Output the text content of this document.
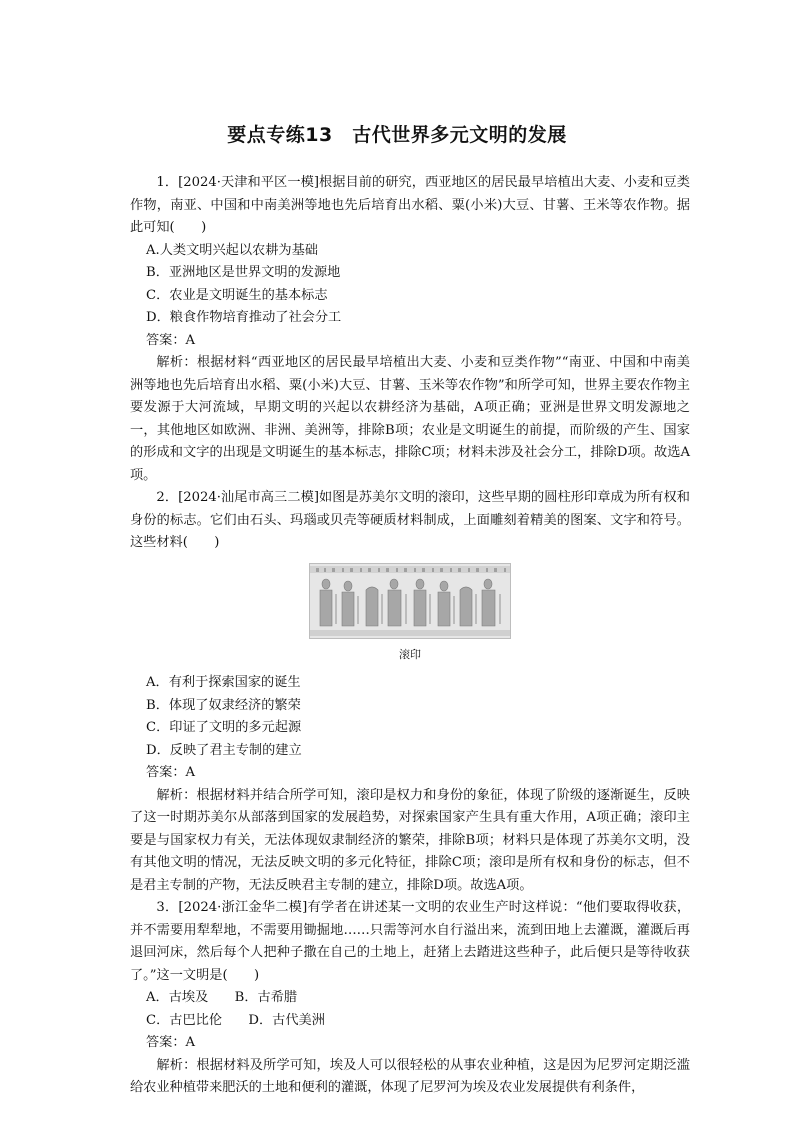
要点专练13　古代世界多元文明的发展

1．[2024·天津和平区一模]根据目前的研究，西亚地区的居民最早培植出大麦、小麦和豆类作物，南亚、中国和中南美洲等地也先后培育出水稻、粟(小米)大豆、甘薯、王米等农作物。据此可知(　　)

A.人类文明兴起以农耕为基础

B．亚洲地区是世界文明的发源地

C．农业是文明诞生的基本标志

D．粮食作物培育推动了社会分工

答案：A

解析：根据材料“西亚地区的居民最早培植出大麦、小麦和豆类作物”“南亚、中国和中南美洲等地也先后培育出水稻、粟(小米)大豆、甘薯、玉米等农作物”和所学可知，世界主要农作物主要发源于大河流域，早期文明的兴起以农耕经济为基础，A项正确；亚洲是世界文明发源地之一，其他地区如欧洲、非洲、美洲等，排除B项；农业是文明诞生的前提，而阶级的产生、国家的形成和文字的出现是文明诞生的基本标志，排除C项；材料未涉及社会分工，排除D项。故选A项。

2．[2024·汕尾市高三二模]如图是苏美尔文明的滚印，这些早期的圆柱形印章成为所有权和身份的标志。它们由石头、玛瑙或贝壳等硬质材料制成，上面雕刻着精美的图案、文字和符号。这些材料(　　)

滚印

A．有利于探索国家的诞生

B．体现了奴隶经济的繁荣

C．印证了文明的多元起源

D．反映了君主专制的建立

答案：A

解析：根据材料并结合所学可知，滚印是权力和身份的象征，体现了阶级的逐渐诞生，反映了这一时期苏美尔从部落到国家的发展趋势，对探索国家产生具有重大作用，A项正确；滚印主要是与国家权力有关，无法体现奴隶制经济的繁荣，排除B项；材料只是体现了苏美尔文明，没有其他文明的情况，无法反映文明的多元化特征，排除C项；滚印是所有权和身份的标志，但不是君主专制的产物，无法反映君主专制的建立，排除D项。故选A项。

3．[2024·浙江金华二模]有学者在讲述某一文明的农业生产时这样说：“他们要取得收获，并不需要用犁犁地，不需要用锄掘地……只需等河水自行溢出来，流到田地上去灌溉，灌溉后再退回河床，然后每个人把种子撒在自己的土地上，赶猪上去踏进这些种子，此后便只是等待收获了。”这一文明是(　　)

A．古埃及　　B．古希腊

C．古巴比伦　　D．古代美洲

答案：A

解析：根据材料及所学可知，埃及人可以很轻松的从事农业种植，这是因为尼罗河定期泛滥给农业种植带来肥沃的土地和便利的灌溉，体现了尼罗河为埃及农业发展提供有利条件，
